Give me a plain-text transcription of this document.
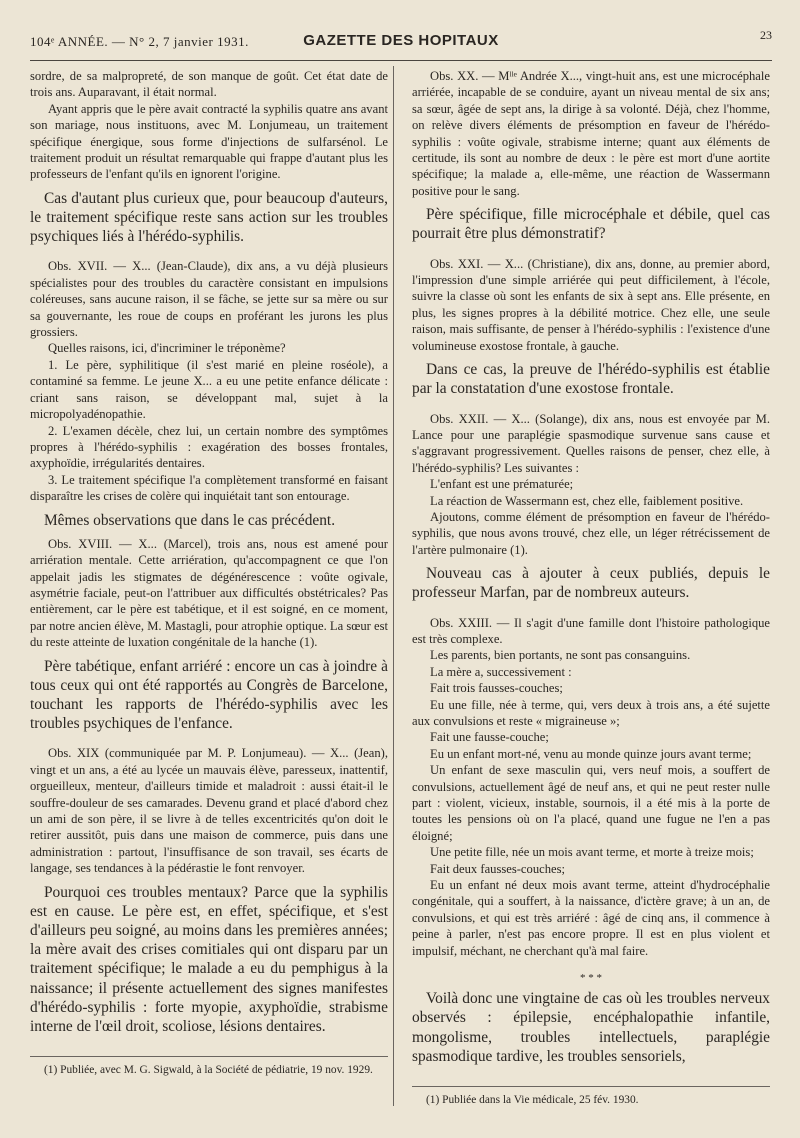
104ᵉ ANNÉE. — N° 2, 7 janvier 1931.	GAZETTE DES HOPITAUX	23

sordre, de sa malpropreté, de son manque de goût. Cet état date de trois ans. Auparavant, il était normal.

Ayant appris que le père avait contracté la syphilis quatre ans avant son mariage, nous instituons, avec M. Lonjumeau, un traitement spécifique énergique, sous forme d'injections de sulfarsénol. Le traitement produit un résultat remarquable qui frappe d'autant plus les professeurs de l'enfant qu'ils en ignorent l'origine.

Cas d'autant plus curieux que, pour beaucoup d'auteurs, le traitement spécifique reste sans action sur les troubles psychiques liés à l'hérédo-syphilis.

Obs. XVII. — X... (Jean-Claude), dix ans, a vu déjà plusieurs spécialistes pour des troubles du caractère consistant en impulsions coléreuses, sans aucune raison, il se fâche, se jette sur sa mère ou sur sa gouvernante, les roue de coups en proférant les jurons les plus grossiers.

Quelles raisons, ici, d'incriminer le tréponème?

1. Le père, syphilitique (il s'est marié en pleine roséole), a contaminé sa femme. Le jeune X... a eu une petite enfance délicate : criant sans raison, se développant mal, sujet à la micropolyadénopathie.

2. L'examen décèle, chez lui, un certain nombre des symptômes propres à l'hérédo-syphilis : exagération des bosses frontales, axyphoïdie, irrégularités dentaires.

3. Le traitement spécifique l'a complètement transformé en faisant disparaître les crises de colère qui inquiétait tant son entourage.

Mêmes observations que dans le cas précédent.

Obs. XVIII. — X... (Marcel), trois ans, nous est amené pour arriération mentale. Cette arriération, qu'accompagnent ce que l'on appelait jadis les stigmates de dégénérescence : voûte ogivale, asymétrie faciale, peut-on l'attribuer aux difficultés obstétricales? Pas entièrement, car le père est tabétique, et il est soigné, en ce moment, par notre ancien élève, M. Mastagli, pour atrophie optique. La sœur est du reste atteinte de luxation congénitale de la hanche (1).

Père tabétique, enfant arriéré : encore un cas à joindre à tous ceux qui ont été rapportés au Congrès de Barcelone, touchant les rapports de l'hérédo-syphilis avec les troubles psychiques de l'enfance.

Obs. XIX (communiquée par M. P. Lonjumeau). — X... (Jean), vingt et un ans, a été au lycée un mauvais élève, paresseux, inattentif, orgueilleux, menteur, d'ailleurs timide et maladroit : aussi était-il le souffre-douleur de ses camarades. Devenu grand et placé d'abord chez un ami de son père, il se livre à de telles excentricités qu'on doit le retirer aussitôt, puis dans une maison de commerce, puis dans une administration : partout, l'insuffisance de son travail, ses écarts de langage, ses tendances à la pédérastie le font renvoyer.

Pourquoi ces troubles mentaux? Parce que la syphilis est en cause. Le père est, en effet, spécifique, et s'est d'ailleurs peu soigné, au moins dans les premières années; la mère avait des crises comitiales qui ont disparu par un traitement spécifique; le malade a eu du pemphigus à la naissance; il présente actuellement des signes manifestes d'hérédo-syphilis : forte myopie, axyphoïdie, strabisme interne de l'œil droit, scoliose, lésions dentaires.

(1) Publiée, avec M. G. Sigwald, à la Société de pédiatrie, 19 nov. 1929.

Obs. XX. — Mˡˡᵉ Andrée X..., vingt-huit ans, est une microcéphale arriérée, incapable de se conduire, ayant un niveau mental de six ans; sa sœur, âgée de sept ans, la dirige à sa volonté. Déjà, chez l'homme, on relève divers éléments de présomption en faveur de l'hérédo-syphilis : voûte ogivale, strabisme interne; quant aux éléments de certitude, ils sont au nombre de deux : le père est mort d'une aortite spécifique; la malade a, elle-même, une réaction de Wassermann positive pour le sang.

Père spécifique, fille microcéphale et débile, quel cas pourrait être plus démonstratif?

Obs. XXI. — X... (Christiane), dix ans, donne, au premier abord, l'impression d'une simple arriérée qui peut difficilement, à l'école, suivre la classe où sont les enfants de six à sept ans. Elle présente, en plus, les signes propres à la débilité motrice. Chez elle, une seule raison, mais suffisante, de penser à l'hérédo-syphilis : l'existence d'une volumineuse exostose frontale, à gauche.

Dans ce cas, la preuve de l'hérédo-syphilis est établie par la constatation d'une exostose frontale.

Obs. XXII. — X... (Solange), dix ans, nous est envoyée par M. Lance pour une paraplégie spasmodique survenue sans cause et s'aggravant progressivement. Quelles raisons de penser, chez elle, à l'hérédo-syphilis? Les suivantes :

L'enfant est une prématurée;

La réaction de Wassermann est, chez elle, faiblement positive.

Ajoutons, comme élément de présomption en faveur de l'hérédo-syphilis, que nous avons trouvé, chez elle, un léger rétrécissement de l'artère pulmonaire (1).

Nouveau cas à ajouter à ceux publiés, depuis le professeur Marfan, par de nombreux auteurs.

Obs. XXIII. — Il s'agit d'une famille dont l'histoire pathologique est très complexe.

Les parents, bien portants, ne sont pas consanguins.

La mère a, successivement :

Fait trois fausses-couches;

Eu une fille, née à terme, qui, vers deux à trois ans, a été sujette aux convulsions et reste « migraineuse »;

Fait une fausse-couche;

Eu un enfant mort-né, venu au monde quinze jours avant terme;

Un enfant de sexe masculin qui, vers neuf mois, a souffert de convulsions, actuellement âgé de neuf ans, et qui ne peut rester nulle part : violent, vicieux, instable, sournois, il a été mis à la porte de toutes les pensions où on l'a placé, quand une fugue ne l'en a pas éloigné;

Une petite fille, née un mois avant terme, et morte à treize mois;

Fait deux fausses-couches;

Eu un enfant né deux mois avant terme, atteint d'hydrocéphalie congénitale, qui a souffert, à la naissance, d'ictère grave; à un an, de convulsions, et qui est très arriéré : âgé de cinq ans, il commence à peine à parler, n'est pas encore propre. Il est en plus violent et impulsif, méchant, ne cherchant qu'à mal faire.

* * *

Voilà donc une vingtaine de cas où les troubles nerveux observés : épilepsie, encéphalopathie infantile, mongolisme, troubles intellectuels, paraplégie spasmodique tardive, les troubles sensoriels,

(1) Publiée dans la Vie médicale, 25 fév. 1930.
